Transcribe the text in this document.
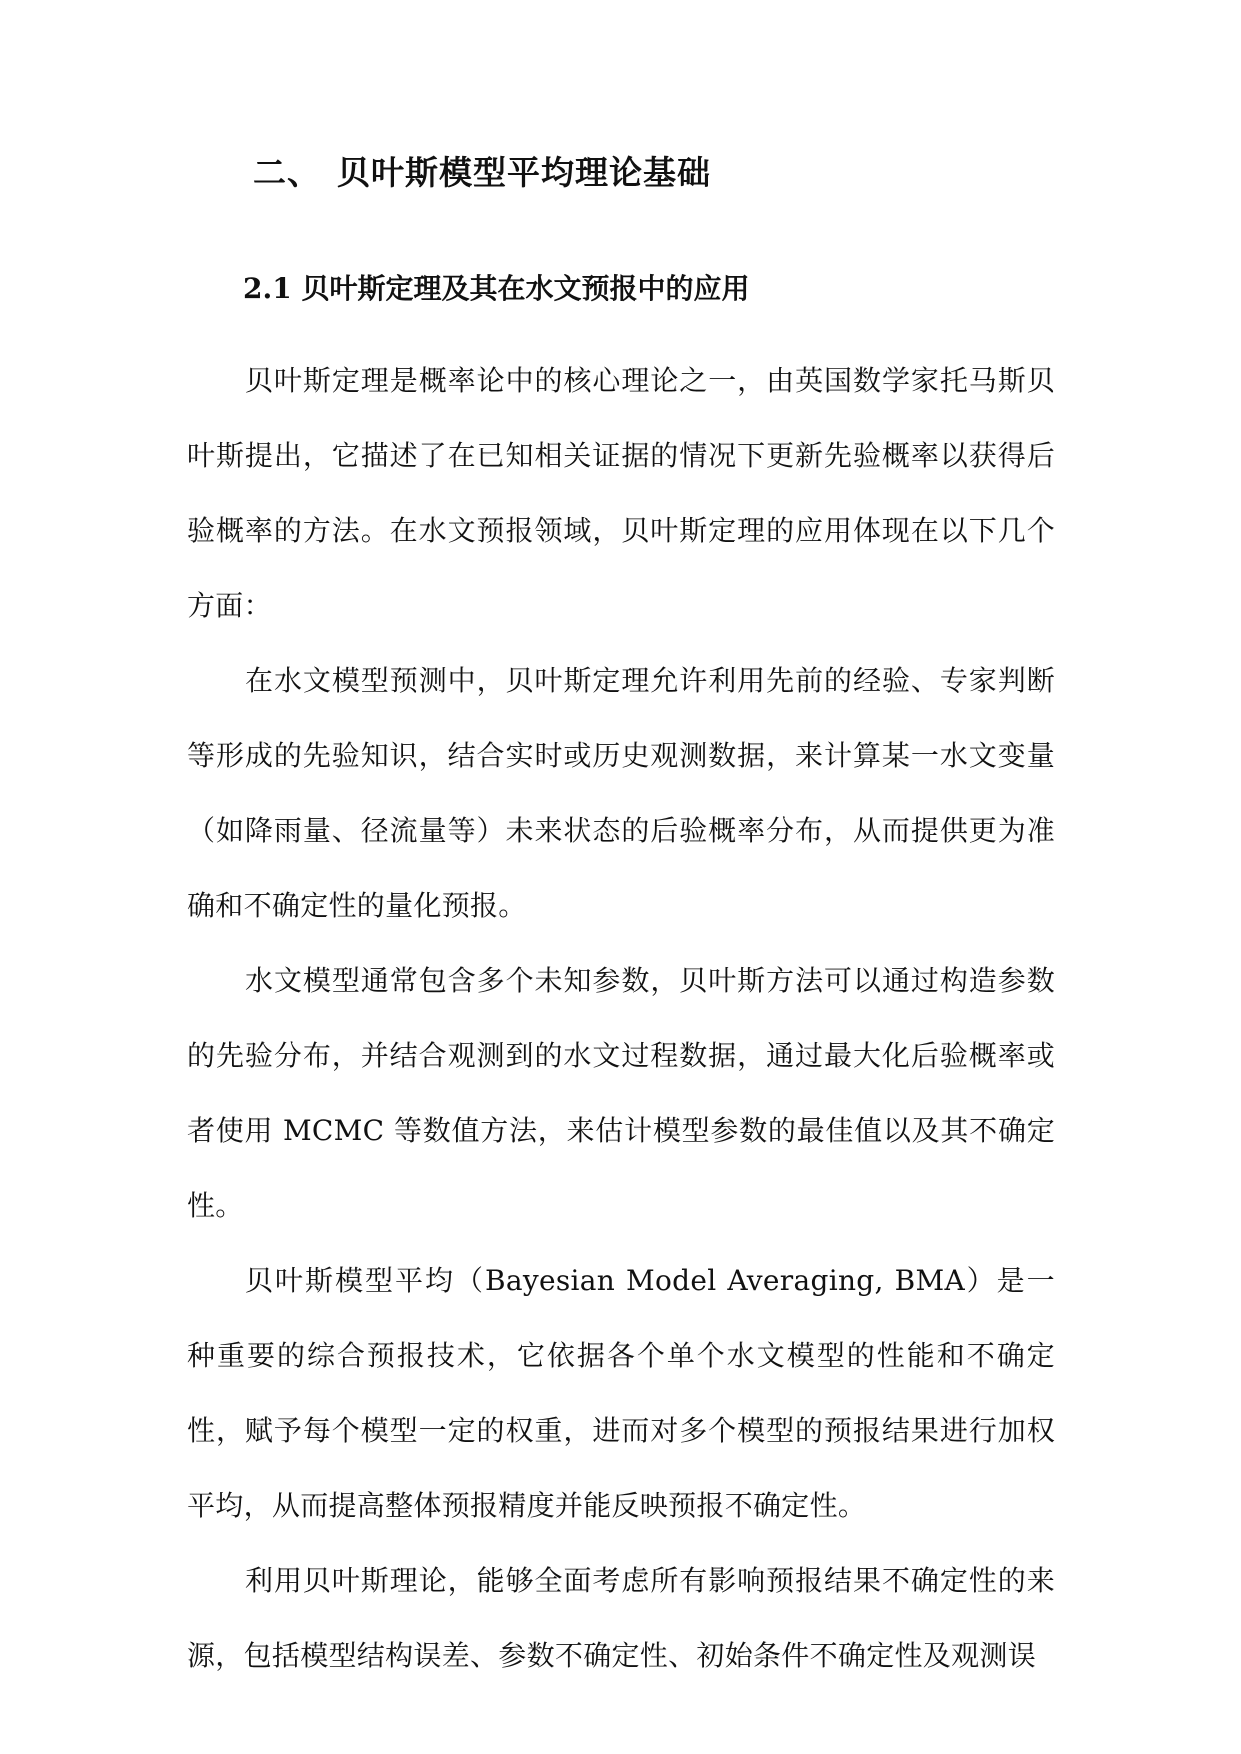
二、 贝叶斯模型平均理论基础
2.1 贝叶斯定理及其在水文预报中的应用

贝叶斯定理是概率论中的核心理论之一，由英国数学家托马斯贝叶斯提出，它描述了在已知相关证据的情况下更新先验概率以获得后验概率的方法。在水文预报领域，贝叶斯定理的应用体现在以下几个方面：

在水文模型预测中，贝叶斯定理允许利用先前的经验、专家判断等形成的先验知识，结合实时或历史观测数据，来计算某一水文变量（如降雨量、径流量等）未来状态的后验概率分布，从而提供更为准确和不确定性的量化预报。

水文模型通常包含多个未知参数，贝叶斯方法可以通过构造参数的先验分布，并结合观测到的水文过程数据，通过最大化后验概率或者使用 MCMC 等数值方法，来估计模型参数的最佳值以及其不确定性。

贝叶斯模型平均（Bayesian Model Averaging, BMA）是一种重要的综合预报技术，它依据各个单个水文模型的性能和不确定性，赋予每个模型一定的权重，进而对多个模型的预报结果进行加权平均，从而提高整体预报精度并能反映预报不确定性。

利用贝叶斯理论，能够全面考虑所有影响预报结果不确定性的来源，包括模型结构误差、参数不确定性、初始条件不确定性及观测误
